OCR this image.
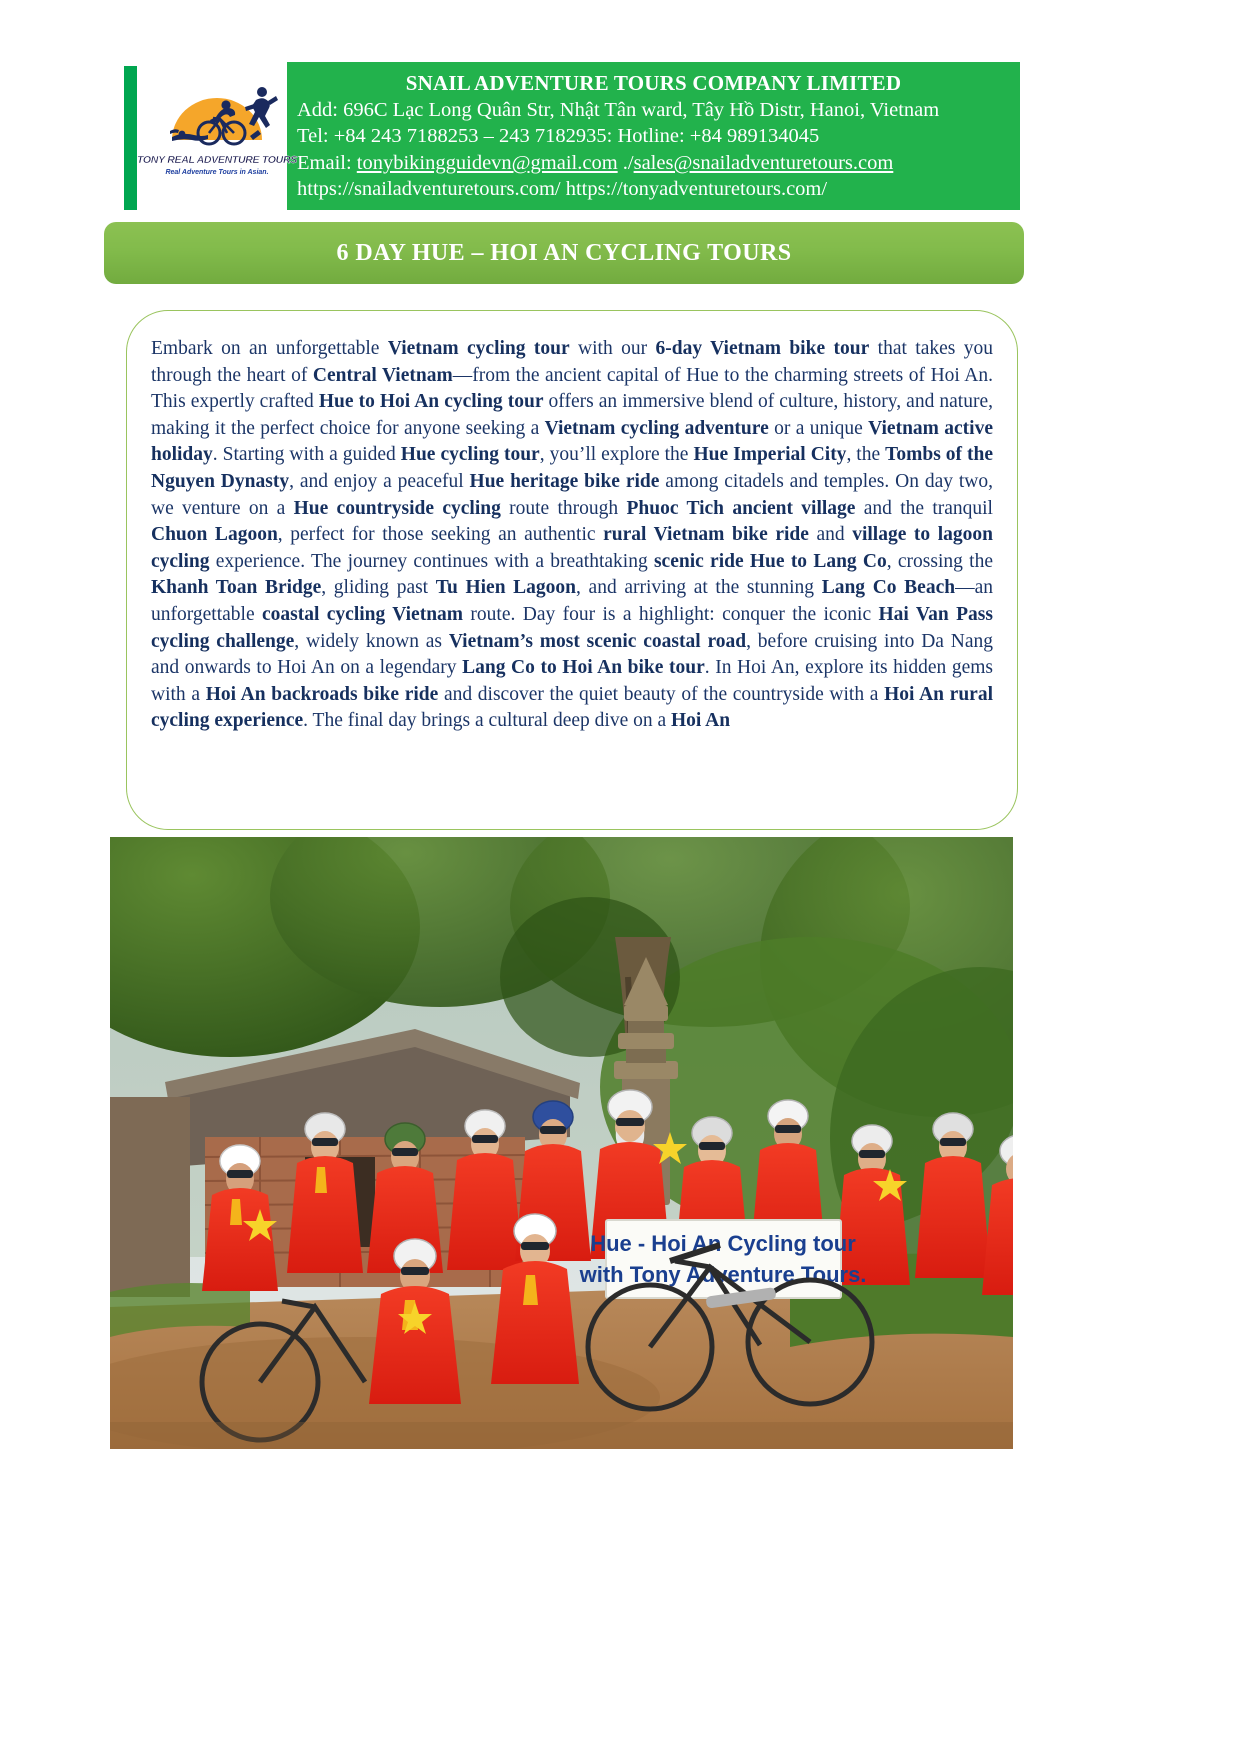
TONY REAL ADVENTURE TOURS
Real Adventure Tours in Asian.
SNAIL ADVENTURE TOURS COMPANY LIMITED
Add: 696C Lạc Long Quân Str, Nhật Tân ward, Tây Hồ Distr, Hanoi, Vietnam
Tel: +84 243 7188253 – 243 7182935: Hotline: +84 989134045
Email: tonybikingguidevn@gmail.com ./sales@snailadventuretours.com
https://snailadventuretours.com/ https://tonyadventuretours.com/
6 DAY HUE – HOI AN CYCLING TOURS
Embark on an unforgettable Vietnam cycling tour with our 6-day Vietnam bike tour that takes you through the heart of Central Vietnam—from the ancient capital of Hue to the charming streets of Hoi An. This expertly crafted Hue to Hoi An cycling tour offers an immersive blend of culture, history, and nature, making it the perfect choice for anyone seeking a Vietnam cycling adventure or a unique Vietnam active holiday. Starting with a guided Hue cycling tour, you’ll explore the Hue Imperial City, the Tombs of the Nguyen Dynasty, and enjoy a peaceful Hue heritage bike ride among citadels and temples. On day two, we venture on a Hue countryside cycling route through Phuoc Tich ancient village and the tranquil Chuon Lagoon, perfect for those seeking an authentic rural Vietnam bike ride and village to lagoon cycling experience. The journey continues with a breathtaking scenic ride Hue to Lang Co, crossing the Khanh Toan Bridge, gliding past Tu Hien Lagoon, and arriving at the stunning Lang Co Beach—an unforgettable coastal cycling Vietnam route. Day four is a highlight: conquer the iconic Hai Van Pass cycling challenge, widely known as Vietnam’s most scenic coastal road, before cruising into Da Nang and onwards to Hoi An on a legendary Lang Co to Hoi An bike tour. In Hoi An, explore its hidden gems with a Hoi An backroads bike ride and discover the quiet beauty of the countryside with a Hoi An rural cycling experience. The final day brings a cultural deep dive on a Hoi An
Hue - Hoi An Cycling tour
with Tony Adventure Tours.
